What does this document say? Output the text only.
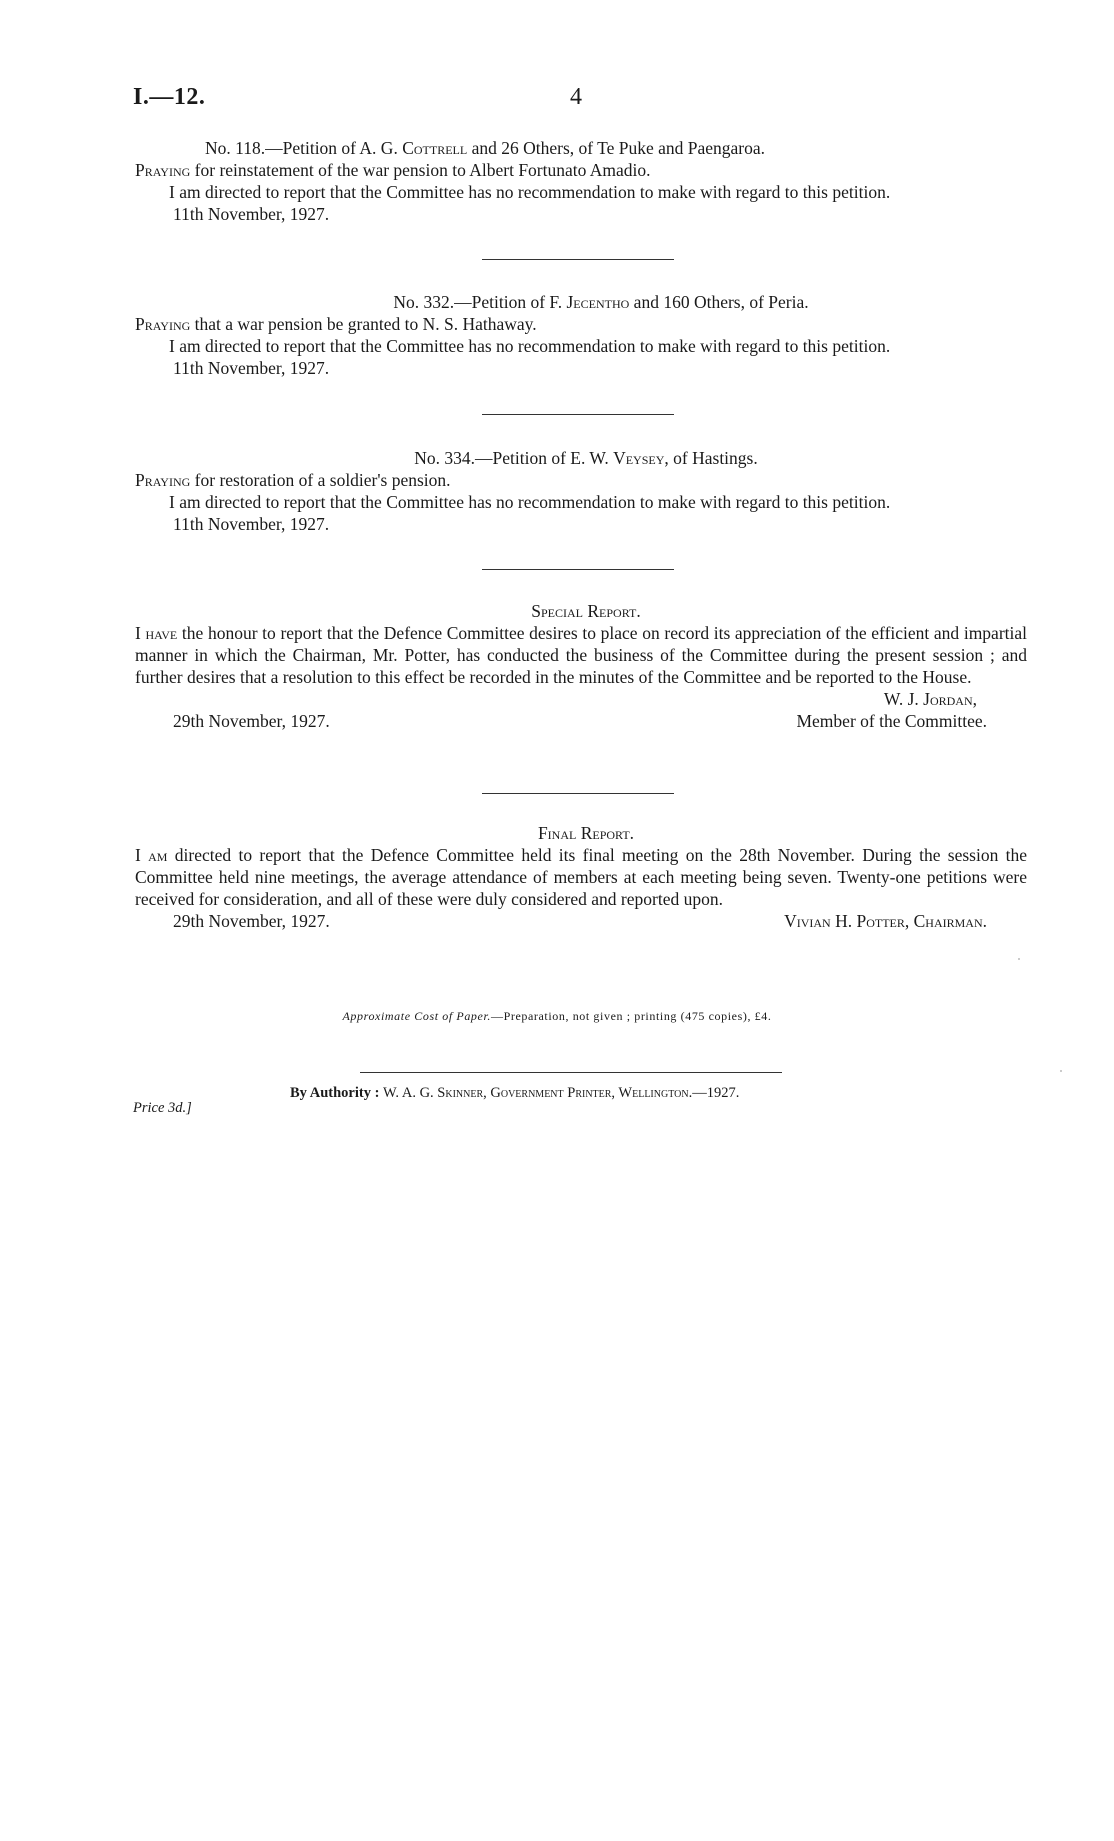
I.—12.	4
No. 118.—Petition of A. G. Cottrell and 26 Others, of Te Puke and Paengaroa.
Praying for reinstatement of the war pension to Albert Fortunato Amadio.
I am directed to report that the Committee has no recommendation to make with regard to this petition.
11th November, 1927.
No. 332.—Petition of F. Jecentho and 160 Others, of Peria.
Praying that a war pension be granted to N. S. Hathaway.
I am directed to report that the Committee has no recommendation to make with regard to this petition.
11th November, 1927.
No. 334.—Petition of E. W. Veysey, of Hastings.
Praying for restoration of a soldier's pension.
I am directed to report that the Committee has no recommendation to make with regard to this petition.
11th November, 1927.
Special Report.
I have the honour to report that the Defence Committee desires to place on record its appreciation of the efficient and impartial manner in which the Chairman, Mr. Potter, has conducted the business of the Committee during the present session ; and further desires that a resolution to this effect be recorded in the minutes of the Committee and be reported to the House.
W. J. Jordan,
29th November, 1927.	Member of the Committee.
Final Report.
I am directed to report that the Defence Committee held its final meeting on the 28th November. During the session the Committee held nine meetings, the average attendance of members at each meeting being seven. Twenty-one petitions were received for consideration, and all of these were duly considered and reported upon.
29th November, 1927.	Vivian H. Potter, Chairman.
Approximate Cost of Paper.—Preparation, not given ; printing (475 copies), £4.
By Authority : W. A. G. Skinner, Government Printer, Wellington.—1927.
Price 3d.]
